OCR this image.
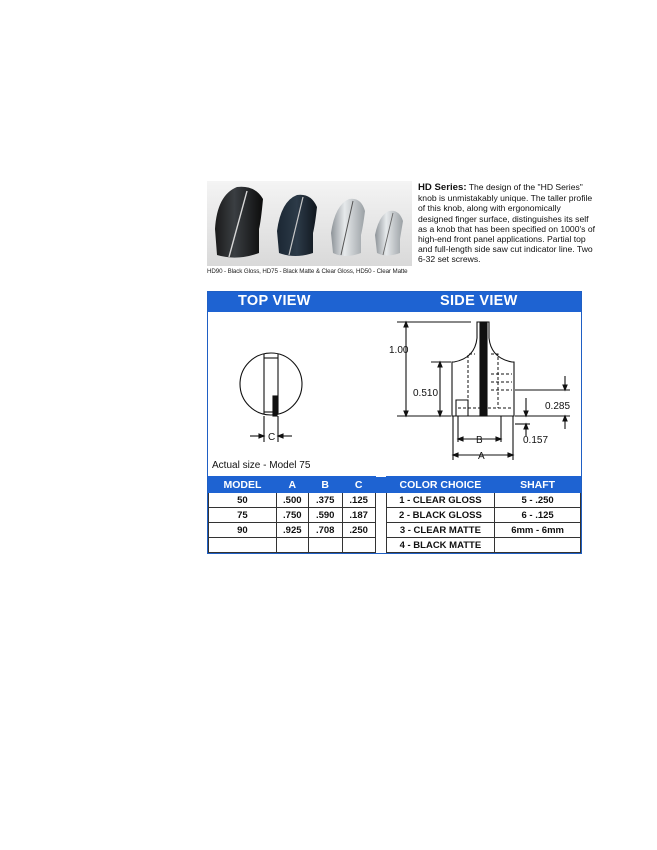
HD90 - Black Gloss, HD75 - Black Matte & Clear Gloss, HD50 - Clear Matte
HD Series: The design of the "HD Series" knob is unmistakably unique. The taller profile of this knob, along with ergonomically designed finger surface, distinguishes its self as a knob that has been specified on 1000's of high-end front panel applications. Partial top and full-length side saw cut indicator line. Two 6-32 set screws.
TOP VIEW	SIDE VIEW
C
1.00
0.510
0.285
0.157
B
A
Actual size - Model 75
MODEL	A	B	C		COLOR CHOICE	SHAFT
50	.500	.375	.125		1 - CLEAR GLOSS	5 - .250
75	.750	.590	.187		2 - BLACK GLOSS	6 - .125
90	.925	.708	.250		3 - CLEAR MATTE	6mm - 6mm
					4 - BLACK MATTE	
